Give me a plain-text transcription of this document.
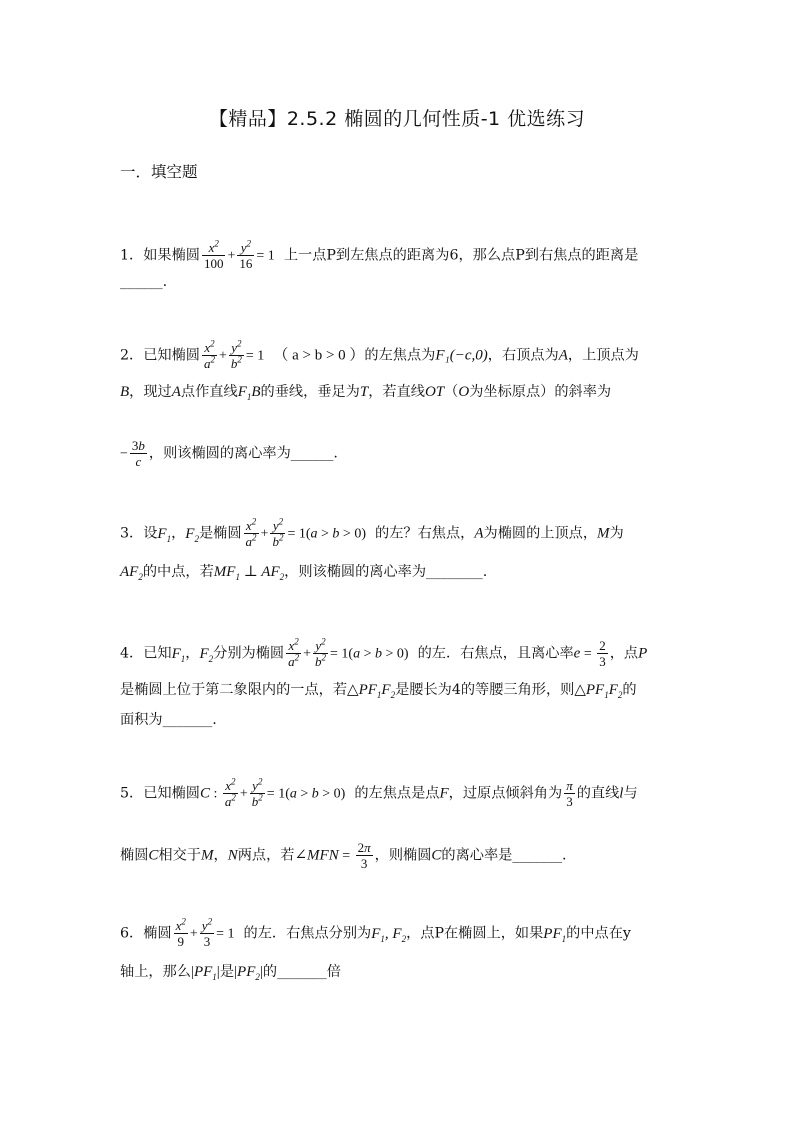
【精品】2.5.2 椭圆的几何性质-1 优选练习
一．填空题
1．如果椭圆 $\frac{x^2}{100} + \frac{y^2}{16} = 1$ 上一点P到左焦点的距离为6，那么点P到右焦点的距离是
______.
2．已知椭圆 $\frac{x^2}{a^2} + \frac{y^2}{b^2} = 1$ （ a > b > 0 ）的左焦点为F₁(−c,0)，右顶点为A，上顶点为
B，现过A点作直线$F_1B$的垂线，垂足为T，若直线OT（O为坐标原点）的斜率为
− $\frac{3b}{c}$ ，则该椭圆的离心率为______.
3．设$F_1$，$F_2$是椭圆 $\frac{x^2}{a^2} + \frac{y^2}{b^2} = 1(a > b > 0)$ 的左？右焦点，A为椭圆的上顶点，M为
$AF_2$的中点，若$MF_1$ ⊥ $AF_2$，则该椭圆的离心率为________.
4．已知$F_1$，$F_2$分别为椭圆 $\frac{x^2}{a^2} + \frac{y^2}{b^2} = 1(a > b > 0)$ 的左．右焦点，且离心率$e = \frac{2}{3}$ ，点P
是椭圆上位于第二象限内的一点，若$\triangle PF_1F_2$是腰长为4的等腰三角形，则$\triangle PF_1F_2$的
面积为_______.
5．已知椭圆C : $\frac{x^2}{a^2} + \frac{y^2}{b^2} = 1(a > b > 0)$ 的左焦点是点F，过原点倾斜角为 $\frac{\pi}{3}$ 的直线l与
椭圆C相交于M，N两点，若∠MFN = $\frac{2\pi}{3}$ ，则椭圆C的离心率是_______.
6．椭圆 $\frac{x^2}{9} + \frac{y^2}{3} = 1$ 的左．右焦点分别为$F_1$, $F_2$，点P在椭圆上，如果$PF_1$的中点在y
轴上，那么$|PF_1|$是$|PF_2|$的_______倍
